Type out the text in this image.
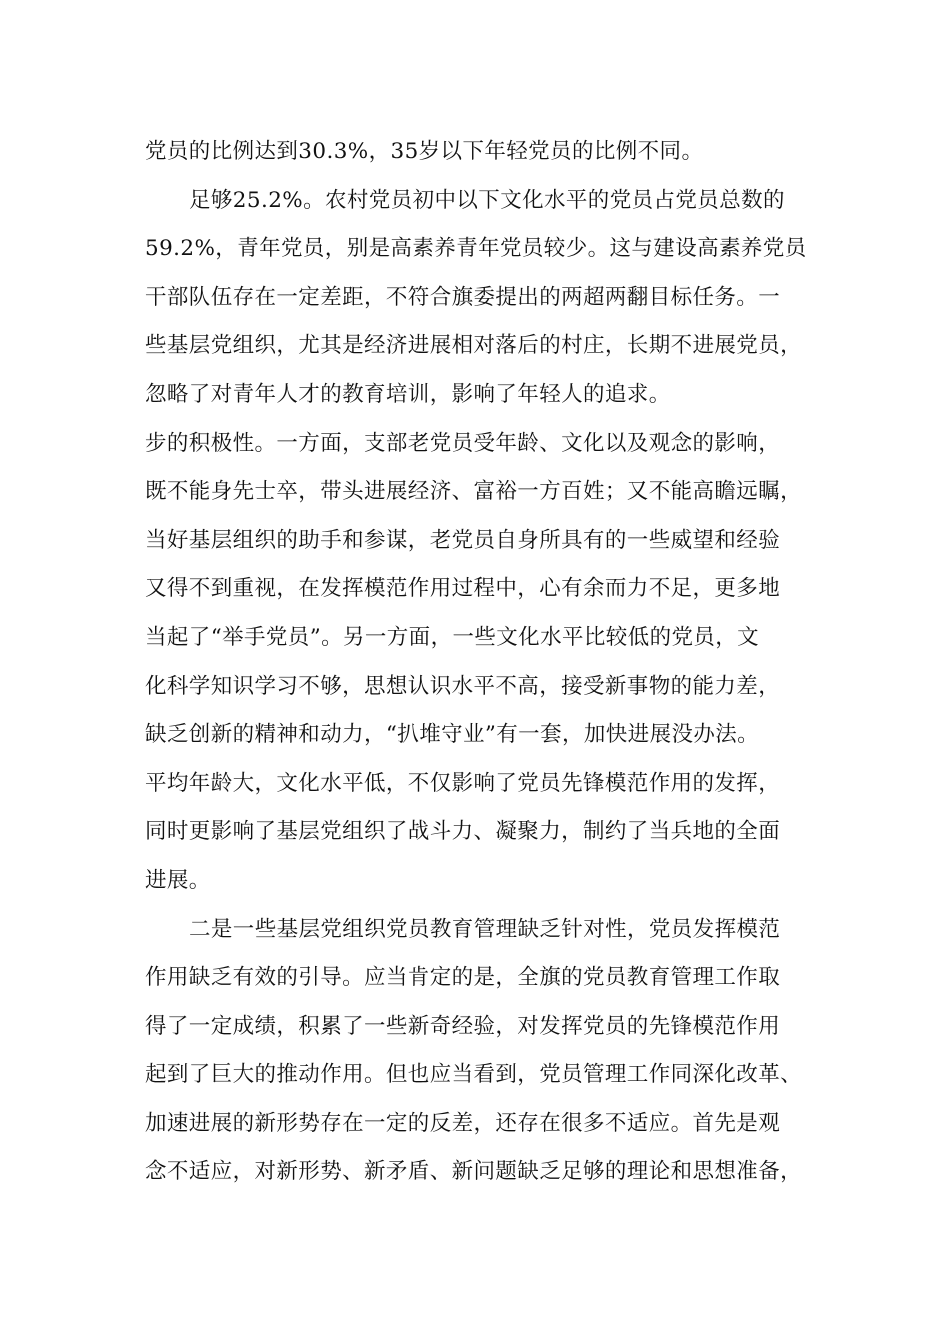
党员的比例达到30.3%，35岁以下年轻党员的比例不同。
足够25.2%。农村党员初中以下文化水平的党员占党员总数的
59.2%，青年党员，别是高素养青年党员较少。这与建设高素养党员
干部队伍存在一定差距，不符合旗委提出的两超两翻目标任务。一
些基层党组织，尤其是经济进展相对落后的村庄，长期不进展党员，
忽略了对青年人才的教育培训，影响了年轻人的追求。
步的积极性。一方面，支部老党员受年龄、文化以及观念的影响，
既不能身先士卒，带头进展经济、富裕一方百姓；又不能高瞻远瞩，
当好基层组织的助手和参谋，老党员自身所具有的一些威望和经验
又得不到重视，在发挥模范作用过程中，心有余而力不足，更多地
当起了“举手党员”。另一方面，一些文化水平比较低的党员，文
化科学知识学习不够，思想认识水平不高，接受新事物的能力差，
缺乏创新的精神和动力，“扒堆守业”有一套，加快进展没办法。
平均年龄大，文化水平低，不仅影响了党员先锋模范作用的发挥，
同时更影响了基层党组织了战斗力、凝聚力，制约了当兵地的全面
进展。
二是一些基层党组织党员教育管理缺乏针对性，党员发挥模范
作用缺乏有效的引导。应当肯定的是，全旗的党员教育管理工作取
得了一定成绩，积累了一些新奇经验，对发挥党员的先锋模范作用
起到了巨大的推动作用。但也应当看到，党员管理工作同深化改革、
加速进展的新形势存在一定的反差，还存在很多不适应。首先是观
念不适应，对新形势、新矛盾、新问题缺乏足够的理论和思想准备，
